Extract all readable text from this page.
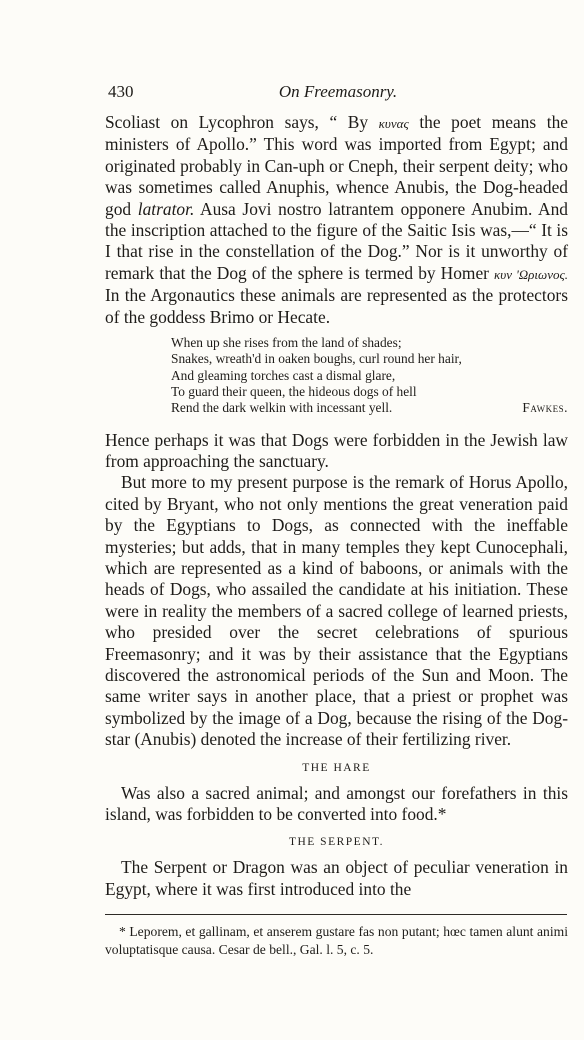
430	On Freemasonry.

Scoliast on Lycophron says, “ By κυνας the poet means the ministers of Apollo.” This word was imported from Egypt; and originated probably in Can-uph or Cneph, their serpent deity; who was sometimes called Anuphis, whence Anubis, the Dog-headed god latrator. Ausa Jovi nostro latrantem opponere Anubim. And the inscription attached to the figure of the Saitic Isis was,—“ It is I that rise in the constellation of the Dog.” Nor is it unworthy of remark that the Dog of the sphere is termed by Homer κυν 'Ωριωνος. In the Argonautics these animals are represented as the protectors of the goddess Brimo or Hecate.

When up she rises from the land of shades;
Snakes, wreath'd in oaken boughs, curl round her hair,
And gleaming torches cast a dismal glare,
To guard their queen, the hideous dogs of hell
Rend the dark welkin with incessant yell.	Fawkes.

Hence perhaps it was that Dogs were forbidden in the Jewish law from approaching the sanctuary.

But more to my present purpose is the remark of Horus Apollo, cited by Bryant, who not only mentions the great veneration paid by the Egyptians to Dogs, as connected with the ineffable mysteries; but adds, that in many temples they kept Cunocephali, which are represented as a kind of baboons, or animals with the heads of Dogs, who assailed the candidate at his initiation. These were in reality the members of a sacred college of learned priests, who presided over the secret celebrations of spurious Freemasonry; and it was by their assistance that the Egyptians discovered the astronomical periods of the Sun and Moon. The same writer says in another place, that a priest or prophet was symbolized by the image of a Dog, because the rising of the Dog-star (Anubis) denoted the increase of their fertilizing river.

THE HARE

Was also a sacred animal; and amongst our forefathers in this island, was forbidden to be converted into food.*

THE SERPENT.

The Serpent or Dragon was an object of peculiar veneration in Egypt, where it was first introduced into the

* Leporem, et gallinam, et anserem gustare fas non putant; hœc tamen alunt animi voluptatisque causa. Cesar de bell., Gal. l. 5, c. 5.
